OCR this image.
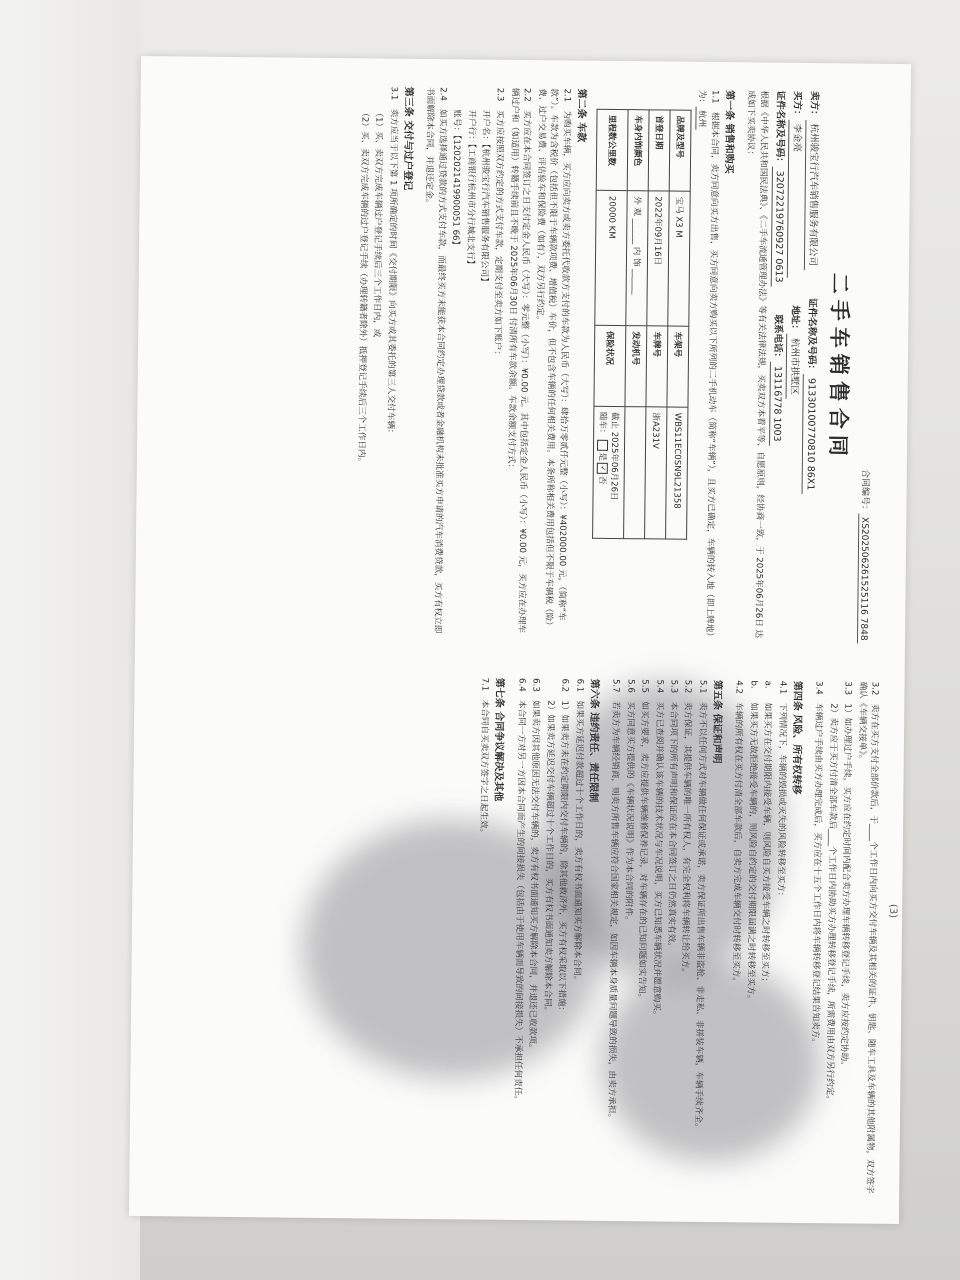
(3)
3.2卖方在买方支付全部价款后，于____个工作日内向买方交付车辆及其相关的证件、钥匙、随车工具及车辆的其他附属物，双方签字确认《车辆交接单》。
3.31）如办理过户手续，买方应在约定时间内配合卖方办理车辆转移登记手续，卖方应按约定协助。
2）卖方应于买方付清全部车款后____个工作日内协助买方办理转移登记手续，所需费用由双方另行约定。
3.4车辆过户手续由买方办理完成后，买方应在十五个工作日内将车辆转移登记结果告知卖方。
第四条 风险、所有权转移
4.1下列情况下，车辆的毁损或灭失的风险转移至买方：
a.如果买方在交付期限内接受车辆，则风险自买方接受车辆之时转移至买方；
b.如果买方无故拒绝接受车辆的，则风险自约定的交付期限届满之时转移至买方。
4.2车辆的所有权在买方付清全部车款后，自卖方完成车辆交付时转移至买方。
第五条 保证和声明
5.1卖方不以任何方式对车辆做任何保证或承诺，卖方保证所出售车辆非盗抢、非走私、非拼装车辆，车辆手续齐全。
5.2卖方保证，其提供车辆的唯一所有权人，有完全权利将车辆转让给买方。
5.3本合同项下的所有声明和保证应在本合同签订之日仍然真实有效。
5.4买方已查阅并确认该车辆的技术状况与车况说明，买方已知悉车辆状况并愿意购买。
5.5如买方要求，卖方应提供车辆维修保养记录，对车辆存在的已知问题如实告知。
5.6买方同意买方提供的《车辆状况说明》作为本合同的附件。
5.7若卖方为车辆经销商，则卖方所售车辆应符合国家相关规定，如因车辆本身质量问题导致的损失，由卖方承担。
第六条 违约责任、责任限制
6.1如果买方延迟付款超过十个工作日的，卖方有权书面通知买方解除本合同。
6.21）如果卖方未在约定期限内交付车辆的，除其他救济外，买方有权采取以下措施：
2）如果卖方延迟交付车辆超过十个工作日的，买方有权书面通知卖方解除本合同。
6.3如果卖方因其他原因无法交付车辆的，卖方有权书面通知买方解除本合同，并退还已收款项。
6.4本合同一方对另一方因本合同而产生的间接损失（包括由于使用车辆而导致的间接损失）不承担任何责任。
第七条 合同争议解决及其他
7.1本合同自买卖双方签字之日起生效。
合同编号：XS202506261525116 7848
二手车销售合同
卖方：
杭州骏宝行汽车销售服务有限公司
证件名称及号码：
91330100770810 86X1
买方：
李金亮
地址：
杭州市拱墅区
证件名称及号码：
32072219760927 0613
联系电话：
13116778 1003
根据《中华人民共和国民法典》、《二手车流通管理办法》等有关法律法规，买卖双方本着平等、自愿原则，经协商一致，于 2025年06月26日 达成如下买卖协议：
第一条 销售和购买
1.1根据本合同，卖方同意向买方出售，买方同意向卖方购买以下所列的二手机动车（简称“车辆”），且买方已确定，车辆的转入地（即上牌地）为：杭州
品牌及型号	宝马 X3 M	车架号	WBS11EC0SN9L21358
首登日期	2022年09月16日	车牌号	浙A231V
车身内饰颜色	外 观 ______ 内 饰 ______	发动机号	
里程数公里数	20000 KM	保险状况	截止 2025年06月26日
随车：是✓否
第二条 车款
2.1为购买车辆，买方应向卖方或卖方委托代收款方支付的车款为人民币（大写）：肆拾万零贰仟元整（小写）：¥402000.00 元，（简称“车款”）。车款为含税价（包括但不限于车辆款项费、增值税）车价，但不包含车辆的任何相关费用。本条所称相关费用包括但不限于车辆税（险）费、过户交易费、评估验车和保险费（如有），双方另行约定。
2.2买方应在本合同签订之日支付定金人民币（大写）：零元整（小写）：¥0.00 元。其中包括定金人民币（小写）：¥0.00 元，买方应在办理车辆过户和（如适用）转籍手续前且不晚于 2025年06月30日 付清所有车款余额。车款余额支付方式：
2.3买方应按照双方约定的方式支付车款，定期支付至卖方如下账户：
开户名：【杭州骏宝行汽车销售服务有限公司】
开户行：【工商银行杭州市分行城北支行】
账号：【1202021419900051 66】
2.4如买方选择通过贷款的方式支付车款，而最终买方未能获本合同约定办理贷款或者金融机构未批准买方申请的汽车消费贷款，买方有权立即书面解除本合同，并退还定金。
第三条 交付与过户登记
3.1卖方应当于以下第 1 项所确定的时间《交付期限》向买方或其委托的第三人交付车辆：
（1）买、卖双方完成车辆过户登记手续后三个工作日内，或
（2）买、卖双方完成车辆的过户登记手续（办理转籍者除外）抵押登记手续后三个工作日内。
